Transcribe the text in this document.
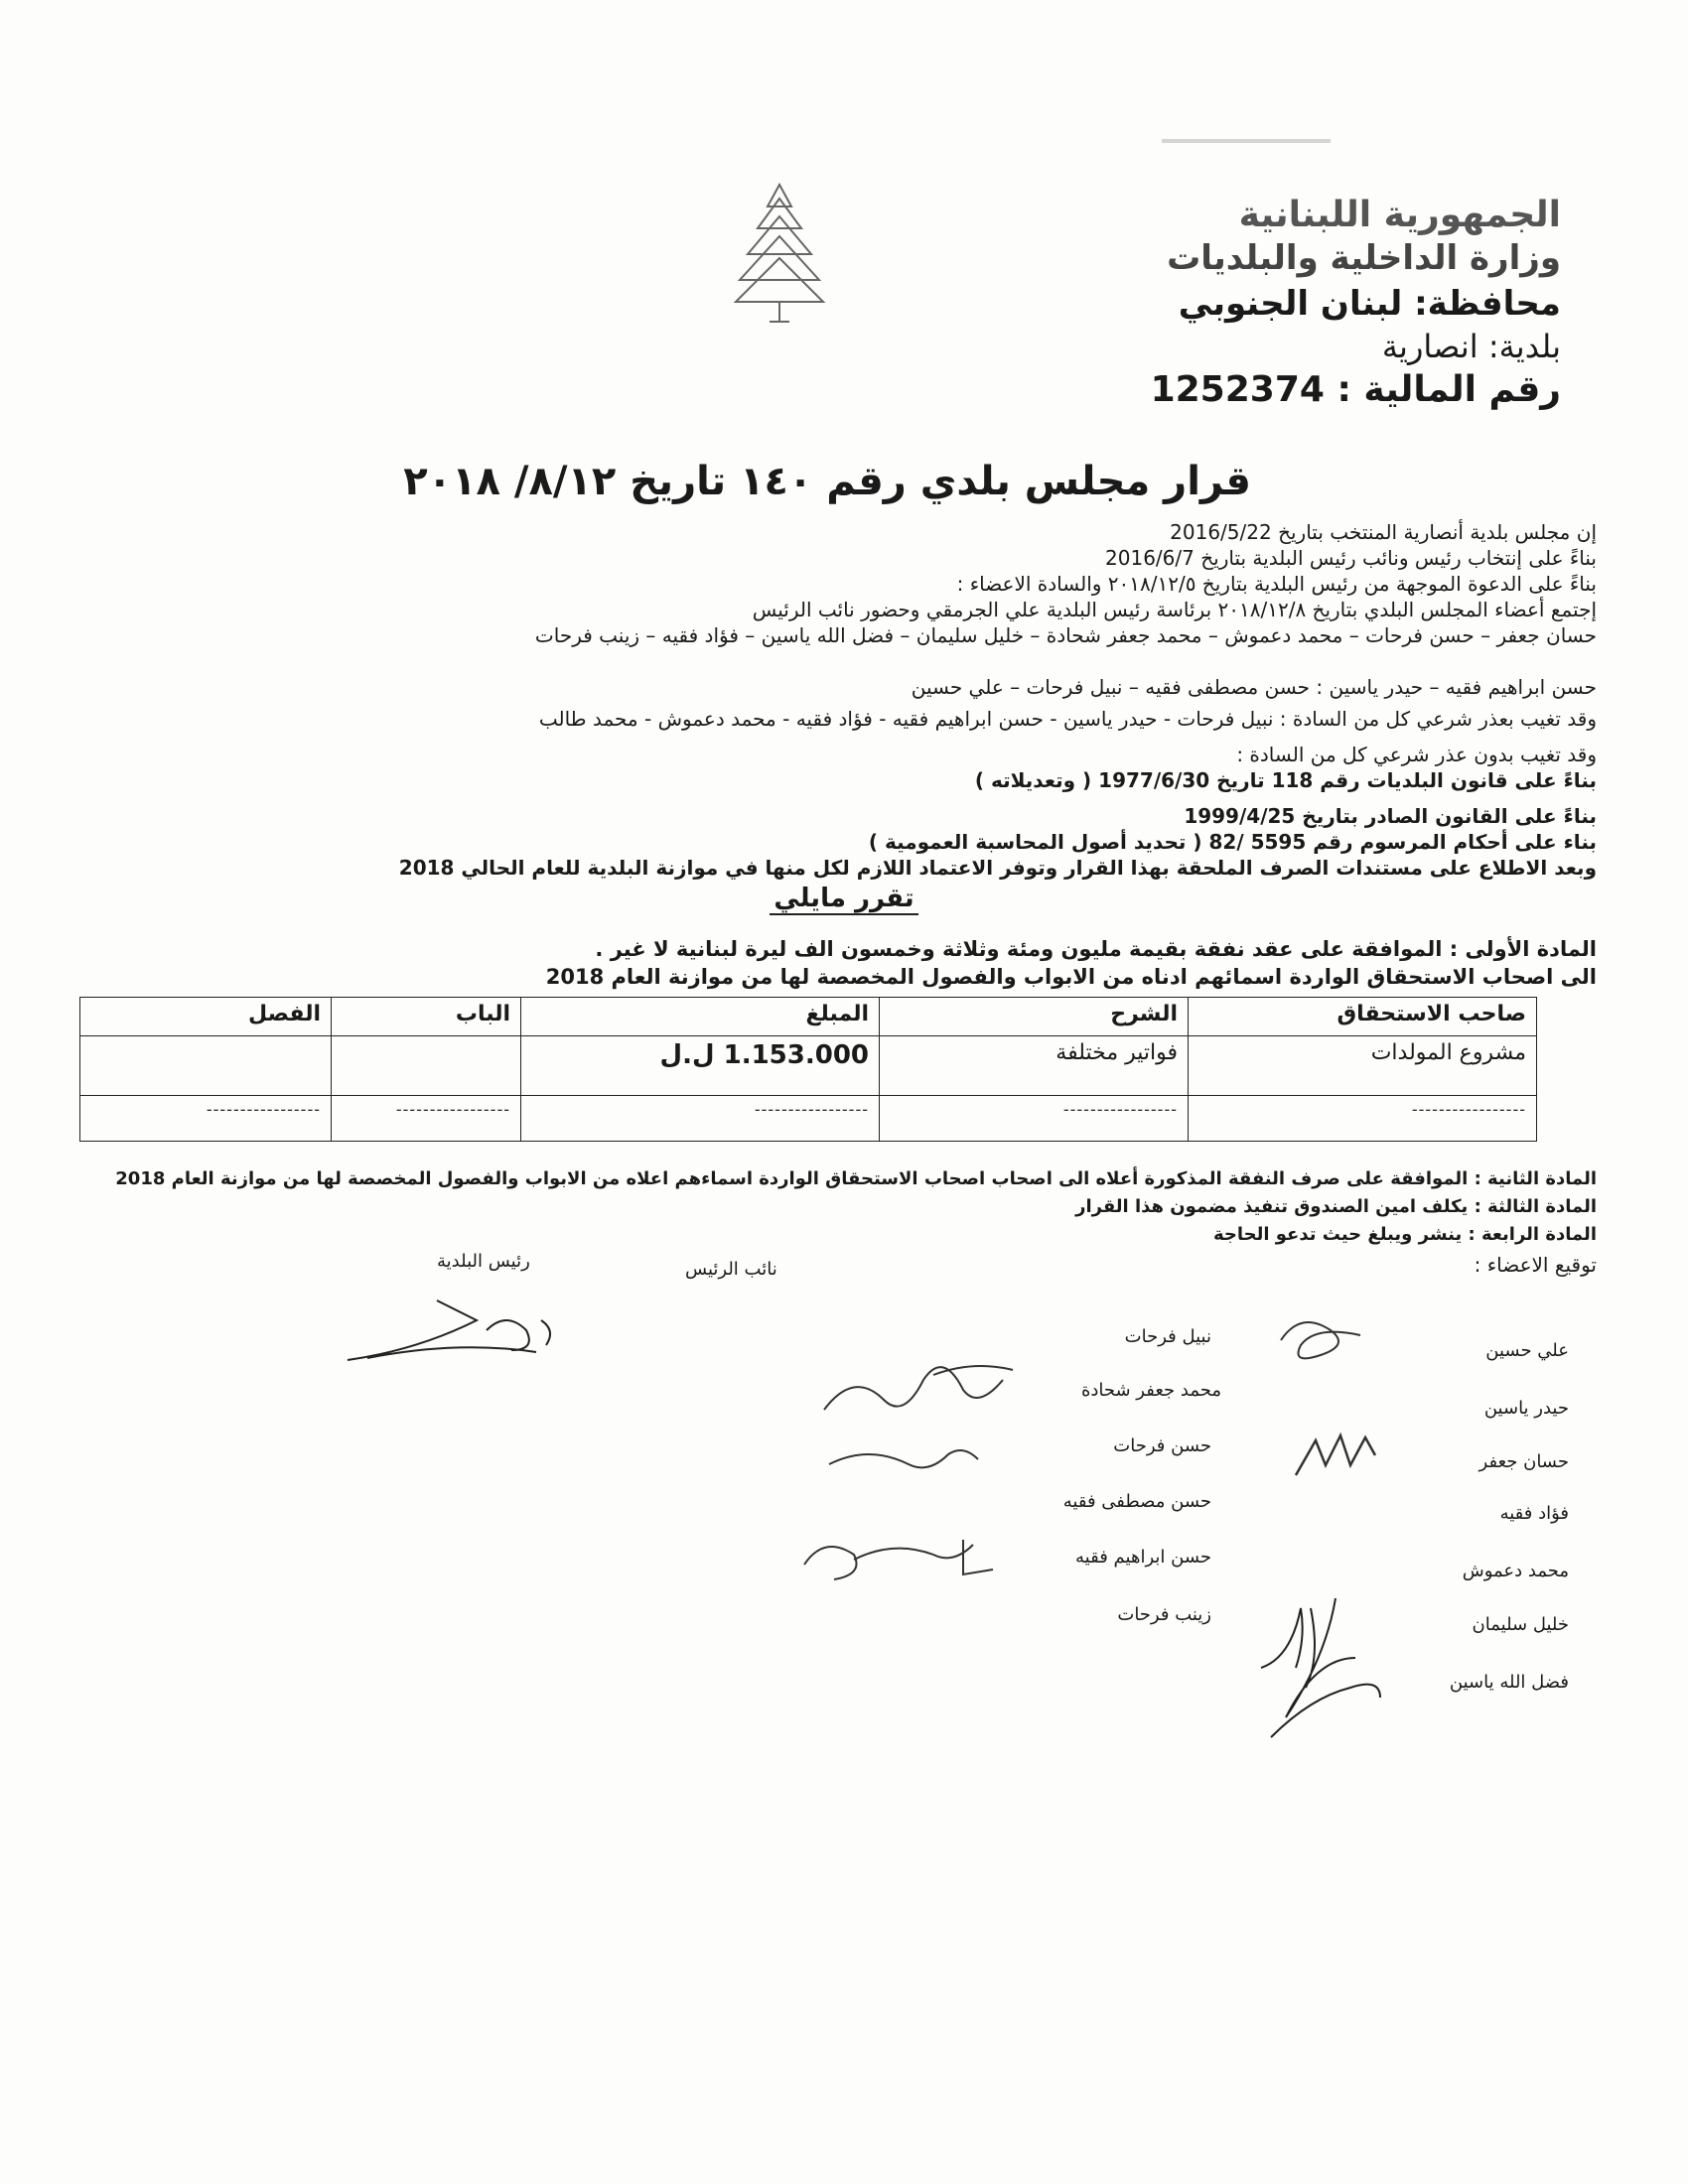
الجمهورية اللبنانية
وزارة الداخلية والبلديات
محافظة: لبنان الجنوبي
بلدية: انصارية
رقم المالية : 1252374
قرار مجلس بلدي رقم ١٤٠ تاريخ ٨/١٢/ ٢٠١٨
إن مجلس بلدية أنصارية المنتخب بتاريخ 2016/5/22
بناءً على إنتخاب رئيس ونائب رئيس البلدية بتاريخ 2016/6/7
بناءً على الدعوة الموجهة من رئيس البلدية بتاريخ ٢٠١٨/١٢/٥ والسادة الاعضاء :
إجتمع أعضاء المجلس البلدي بتاريخ ٢٠١٨/١٢/٨ برئاسة رئيس البلدية علي الجرمقي وحضور نائب الرئيس
حسان جعفر – حسن فرحات – محمد دعموش – محمد جعفر شحادة – خليل سليمان – فضل الله ياسين – فؤاد فقيه – زينب فرحات
حسن ابراهيم فقيه – حيدر ياسين : حسن مصطفى فقيه – نبيل فرحات – علي حسين
وقد تغيب بعذر شرعي كل من السادة : نبيل فرحات - حيدر ياسين - حسن ابراهيم فقيه - فؤاد فقيه - محمد دعموش - محمد طالب
وقد تغيب بدون عذر شرعي كل من السادة :
بناءً على قانون البلديات رقم 118 تاريخ 1977/6/30 ( وتعديلاته )
بناءً على القانون الصادر بتاريخ 1999/4/25
بناء على أحكام المرسوم رقم 5595 /82 ( تحديد أصول المحاسبة العمومية )
وبعد الاطلاع على مستندات الصرف الملحقة بهذا القرار وتوفر الاعتماد اللازم لكل منها في موازنة البلدية للعام الحالي 2018
تقرر مايلي
المادة الأولى : الموافقة على عقد نفقة بقيمة مليون ومئة وثلاثة وخمسون الف ليرة لبنانية لا غير .
الى اصحاب الاستحقاق الواردة اسمائهم ادناه من الابواب والفصول المخصصة لها من موازنة العام 2018
صاحب الاستحقاق	الشرح	المبلغ	الباب	الفصل
مشروع المولدات	فواتير مختلفة	1.153.000 ل.ل		
-----------------	-----------------	-----------------	-----------------	-----------------
المادة الثانية : الموافقة على صرف النفقة المذكورة أعلاه الى اصحاب اصحاب الاستحقاق الواردة اسماءهم اعلاه من الابواب والفصول المخصصة لها من موازنة العام 2018
المادة الثالثة : يكلف امين الصندوق تنفيذ مضمون هذا القرار
المادة الرابعة : ينشر ويبلغ حيث تدعو الحاجة
توقيع الاعضاء :
رئيس البلدية	نائب الرئيس
علي حسين
حيدر ياسين
حسان جعفر
فؤاد فقيه
محمد دعموش
خليل سليمان
فضل الله ياسين
نبيل فرحات
محمد جعفر شحادة
حسن فرحات
حسن مصطفى فقيه
حسن ابراهيم فقيه
زينب فرحات
